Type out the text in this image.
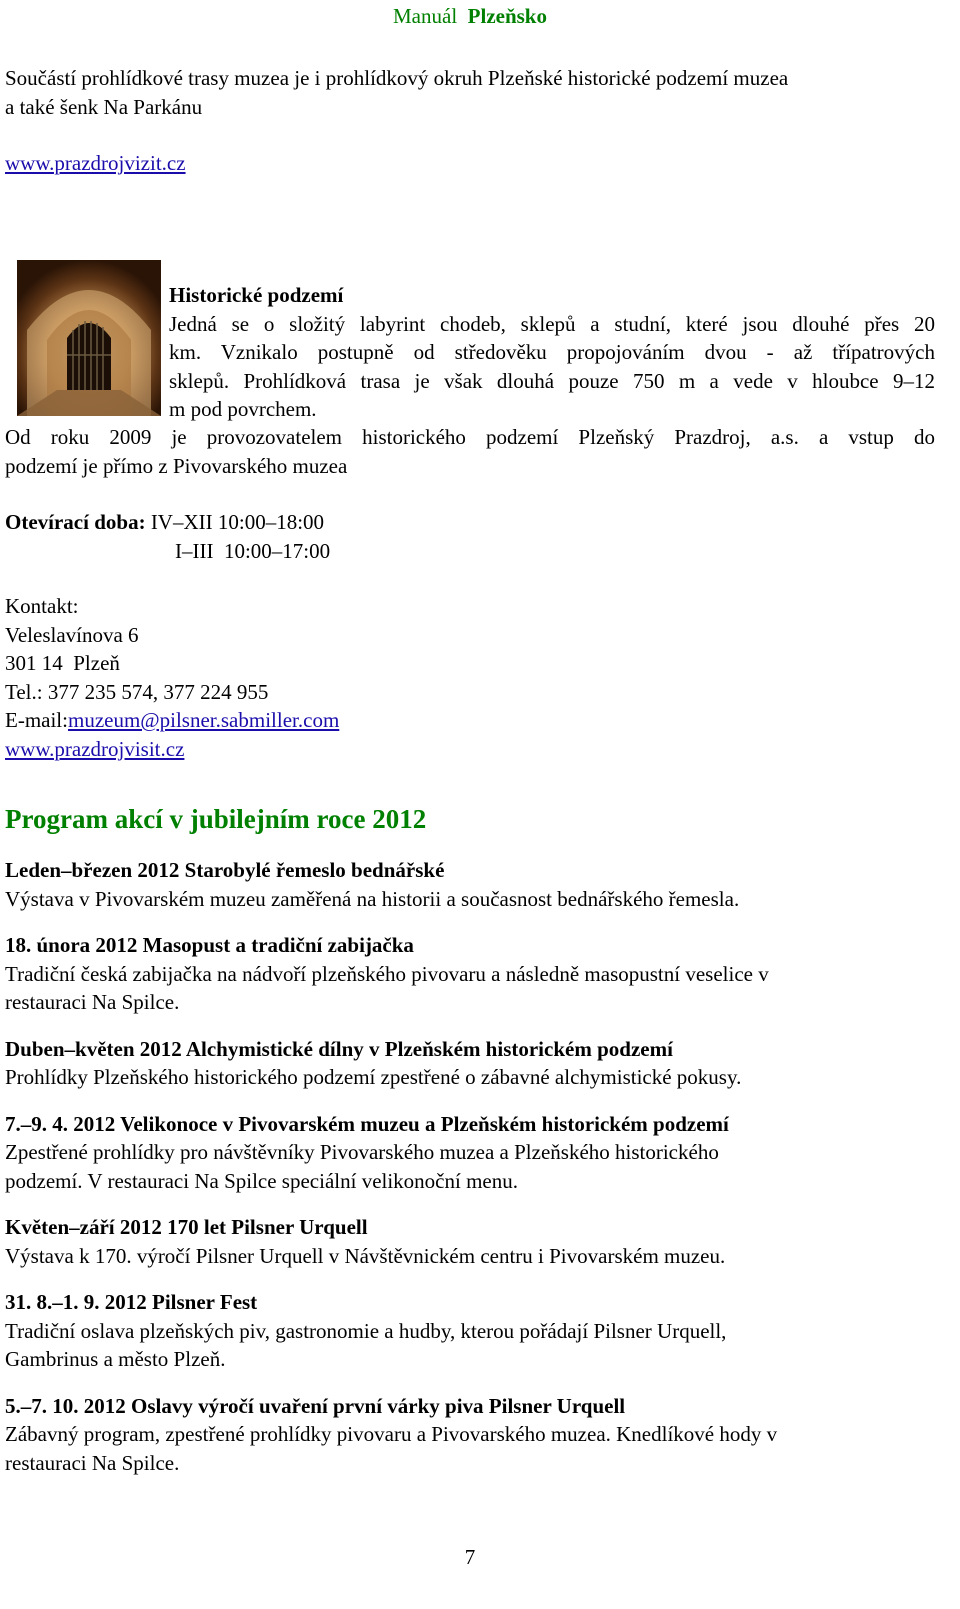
Manuál Plzeňsko
Součástí prohlídkové trasy muzea je i prohlídkový okruh Plzeňské historické podzemí muzea
a také šenk Na Parkánu
www.prazdrojvizit.cz
Historické podzemí
Jedná se o složitý labyrint chodeb, sklepů a studní, které jsou dlouhé přes 20
km. Vznikalo postupně od středověku propojováním dvou - až třípatrových
sklepů. Prohlídková trasa je však dlouhá pouze 750 m a vede v hloubce 9–12
m pod povrchem.
Od roku 2009 je provozovatelem historického podzemí Plzeňský Prazdroj, a.s. a vstup do
podzemí je přímo z Pivovarského muzea
Otevírací doba: IV–XII 10:00–18:00
I–III  10:00–17:00
Kontakt:
Veleslavínova 6
301 14  Plzeň
Tel.: 377 235 574, 377 224 955
E-mail:muzeum@pilsner.sabmiller.com
www.prazdrojvisit.cz
Program akcí v jubilejním roce 2012
Leden–březen 2012 Starobylé řemeslo bednářské
Výstava v Pivovarském muzeu zaměřená na historii a současnost bednářského řemesla.
18. února 2012 Masopust a tradiční zabijačka
Tradiční česká zabijačka na nádvoří plzeňského pivovaru a následně masopustní veselice v
restauraci Na Spilce.
Duben–květen 2012 Alchymistické dílny v Plzeňském historickém podzemí
Prohlídky Plzeňského historického podzemí zpestřené o zábavné alchymistické pokusy.
7.–9. 4. 2012 Velikonoce v Pivovarském muzeu a Plzeňském historickém podzemí
Zpestřené prohlídky pro návštěvníky Pivovarského muzea a Plzeňského historického
podzemí. V restauraci Na Spilce speciální velikonoční menu.
Květen–září 2012 170 let Pilsner Urquell
Výstava k 170. výročí Pilsner Urquell v Návštěvnickém centru i Pivovarském muzeu.
31. 8.–1. 9. 2012 Pilsner Fest
Tradiční oslava plzeňských piv, gastronomie a hudby, kterou pořádají Pilsner Urquell,
Gambrinus a město Plzeň.
5.–7. 10. 2012 Oslavy výročí uvaření první várky piva Pilsner Urquell
Zábavný program, zpestřené prohlídky pivovaru a Pivovarského muzea. Knedlíkové hody v
restauraci Na Spilce.
7
